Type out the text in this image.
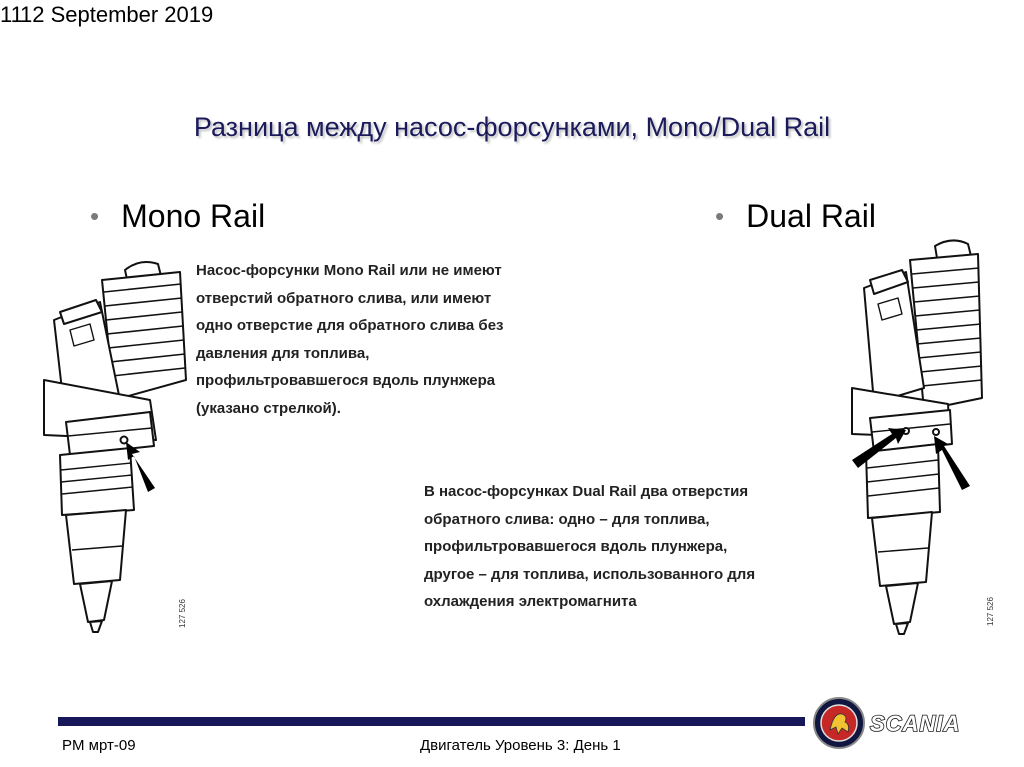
11
12 September 2019
Разница между насос-форсунками, Mono/Dual Rail
• Mono Rail	• Dual Rail
Насос-форсунки Mono Rail или не имеют
отверстий обратного слива, или имеют
одно отверстие для обратного слива без
давления для топлива,
профильтровавшегося вдоль плунжера
(указано стрелкой).
В насос-форсунках Dual Rail два отверстия
обратного слива: одно – для топлива,
профильтровавшегося вдоль плунжера,
другое – для топлива, использованного для
охлаждения электромагнита
127 526	127 526
PM мрт-09	Двигатель Уровень 3: День 1
SCANIA
